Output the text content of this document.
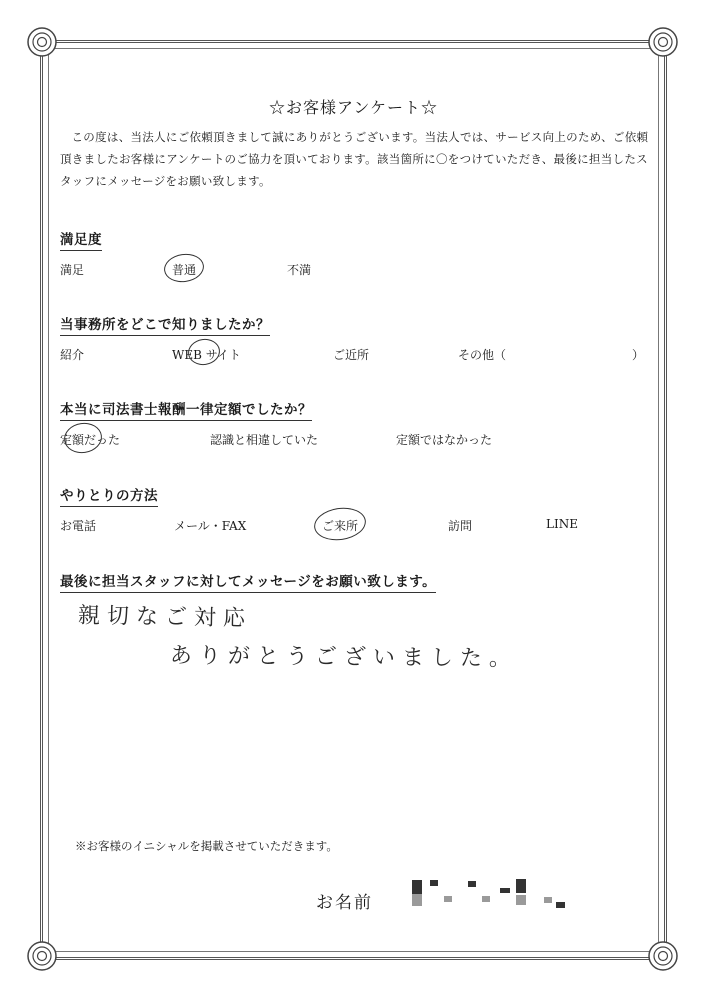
☆お客様アンケート☆
この度は、当法人にご依頼頂きまして誠にありがとうございます。当法人では、サービス向上のため、ご依頼頂きましたお客様にアンケートのご協力を頂いております。該当箇所に〇をつけていただき、最後に担当したスタッフにメッセージをお願い致します。
満足度
満足	普通	不満
当事務所をどこで知りましたか？
紹介	WEB サイト	ご近所	その他（	）
本当に司法書士報酬一律定額でしたか？
定額だった	認識と相違していた	定額ではなかった
やりとりの方法
お電話	メール・FAX	ご来所	訪問	LINE
最後に担当スタッフに対してメッセージをお願い致します。
親切なご対応
ありがとうございました。
※お客様のイニシャルを掲載させていただきます。
お名前
